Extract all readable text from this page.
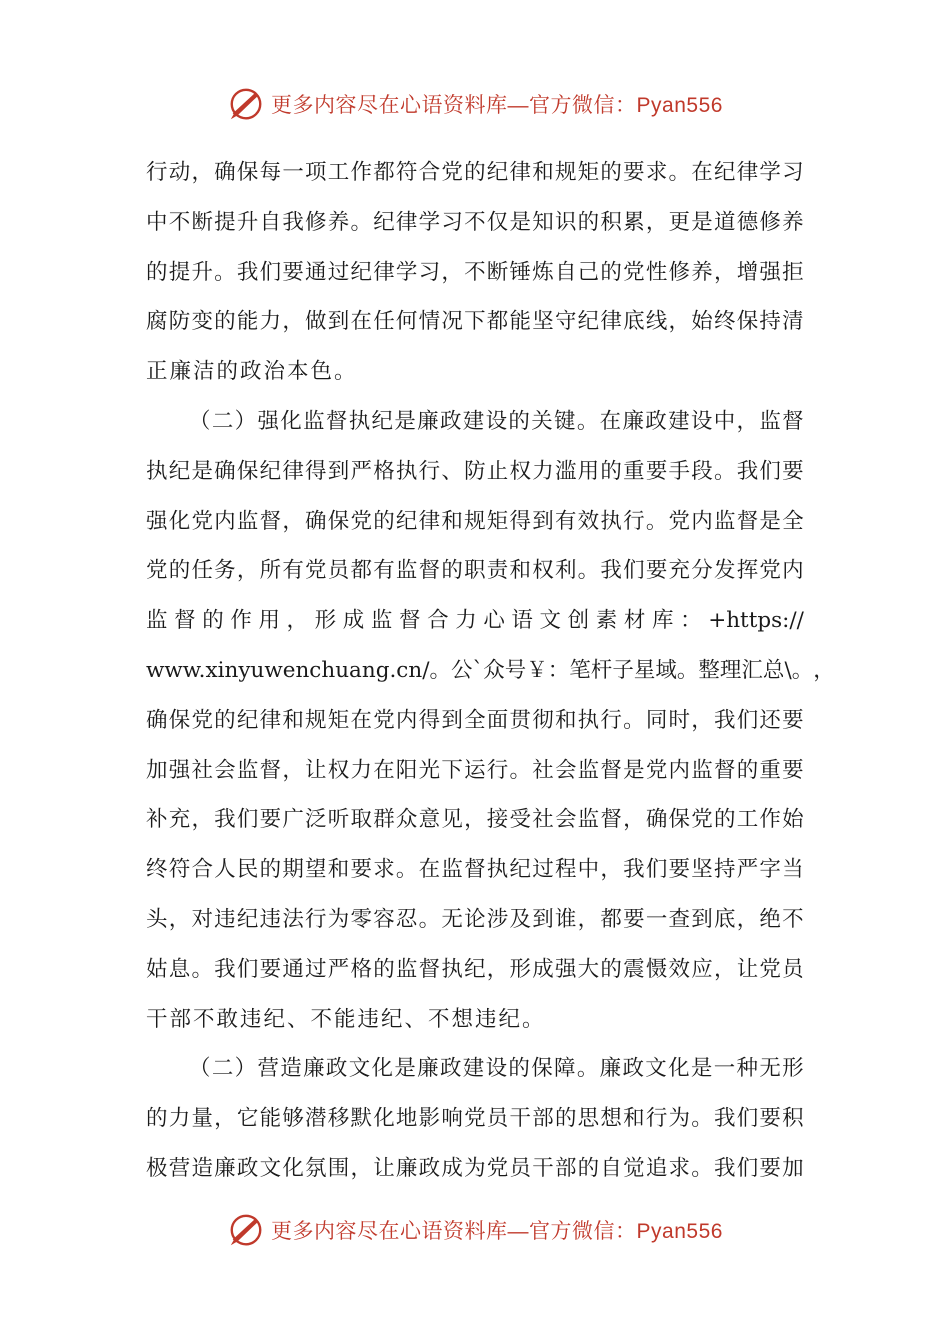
更多内容尽在心语资料库 —官方微信：Pyan556
行 动 ， 确 保 每 一 项 工 作 都 符 合 党 的 纪 律 和 规 矩 的 要 求 。 在 纪 律 学 习
中 不 断 提 升 自 我 修 养 。 纪 律 学 习 不 仅 是 知 识 的 积 累 ， 更 是 道 德 修 养
的 提 升 。 我 们 要 通 过 纪 律 学 习 ， 不 断 锤 炼 自 己 的 党 性 修 养 ， 增 强 拒
腐 防 变 的 能 力 ， 做 到 在 任 何 情 况 下 都 能 坚 守 纪 律 底 线 ， 始 终 保 持 清
正廉洁的政治本色。
（ 二 ） 强 化 监 督 执 纪 是 廉 政 建 设 的 关 键 。 在 廉 政 建 设 中 ， 监 督
执 纪 是 确 保 纪 律 得 到 严 格 执 行 、 防 止 权 力 滥 用 的 重 要 手 段 。 我 们 要
强 化 党 内 监 督 ， 确 保 党 的 纪 律 和 规 矩 得 到 有 效 执 行 。 党 内 监 督 是 全
党 的 任 务 ， 所 有 党 员 都 有 监 督 的 职 责 和 权 利 。 我 们 要 充 分 发 挥 党 内
监 督 的 作 用 ， 形 成 监 督 合 力 心 语 文 创 素 材 库 ： +https://
www.xinyuwenchuang.cn/ 。 公 ` 众 号 ￥ ： 笔 杆 子 星 域 。 整 理 汇 总 \ 。 ，
确 保 党 的 纪 律 和 规 矩 在 党 内 得 到 全 面 贯 彻 和 执 行 。 同 时 ， 我 们 还 要
加 强 社 会 监 督 ， 让 权 力 在 阳 光 下 运 行 。 社 会 监 督 是 党 内 监 督 的 重 要
补 充 ， 我 们 要 广 泛 听 取 群 众 意 见 ， 接 受 社 会 监 督 ， 确 保 党 的 工 作 始
终 符 合 人 民 的 期 望 和 要 求 。 在 监 督 执 纪 过 程 中 ， 我 们 要 坚 持 严 字 当
头 ， 对 违 纪 违 法 行 为 零 容 忍 。 无 论 涉 及 到 谁 ， 都 要 一 查 到 底 ， 绝 不
姑 息 。 我 们 要 通 过 严 格 的 监 督 执 纪 ， 形 成 强 大 的 震 慑 效 应 ， 让 党 员
干部不敢违纪、不能违纪、不想违纪。
（ 二 ） 营 造 廉 政 文 化 是 廉 政 建 设 的 保 障 。 廉 政 文 化 是 一 种 无 形
的 力 量 ， 它 能 够 潜 移 默 化 地 影 响 党 员 干 部 的 思 想 和 行 为 。 我 们 要 积
极 营 造 廉 政 文 化 氛 围 ， 让 廉 政 成 为 党 员 干 部 的 自 觉 追 求 。 我 们 要 加
更多内容尽在心语资料库 —官方微信：Pyan556
